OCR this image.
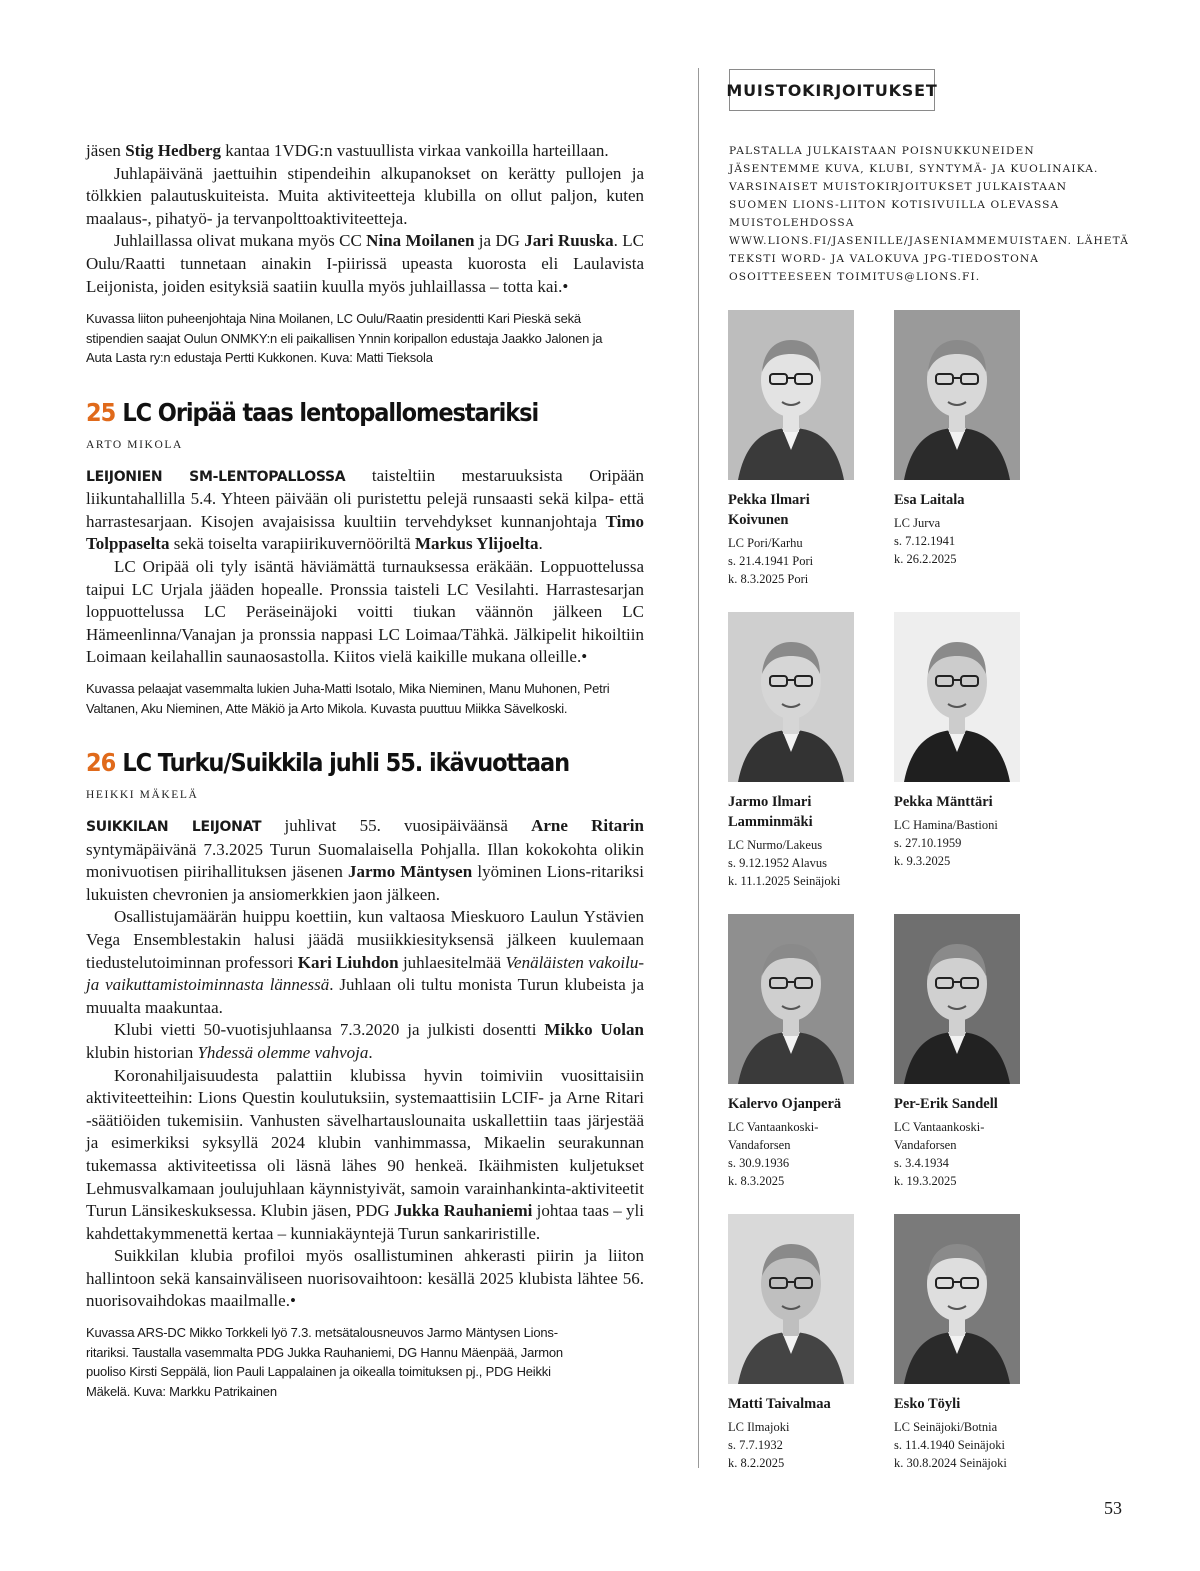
jäsen Stig Hedberg kantaa 1VDG:n vastuullista virkaa vankoilla harteillaan.

Juhlapäivänä jaettuihin stipendeihin alkupanokset on kerätty pullojen ja tölkkien palautuskuiteista. Muita aktiviteetteja klubilla on ollut paljon, kuten maalaus-, pihatyö- ja tervanpolttoaktiviteetteja.

Juhlaillassa olivat mukana myös CC Nina Moilanen ja DG Jari Ruuska. LC Oulu/Raatti tunnetaan ainakin I-piirissä upeasta kuorosta eli Laulavista Leijonista, joiden esityksiä saatiin kuulla myös juhlaillassa – totta kai.•

Kuvassa liiton puheenjohtaja Nina Moilanen, LC Oulu/Raatin presidentti Kari Pieskä sekä stipendien saajat Oulun ONMKY:n eli paikallisen Ynnin koripallon edustaja Jaakko Jalonen ja Auta Lasta ry:n edustaja Pertti Kukkonen. Kuva: Matti Tieksola

25 LC Oripää taas lentopallomestariksi

ARTO MIKOLA

LEIJONIEN SM-LENTOPALLOSSA taisteltiin mestaruuksista Oripään liikuntahallilla 5.4. Yhteen päivään oli puristettu pelejä runsaasti sekä kilpa- että harrastesarjaan. Kisojen avajaisissa kuultiin tervehdykset kunnanjohtaja Timo Tolppaselta sekä toiselta varapiirikuvernööriltä Markus Ylijoelta.

LC Oripää oli tyly isäntä häviämättä turnauksessa eräkään. Loppuottelussa taipui LC Urjala jääden hopealle. Pronssia taisteli LC Vesilahti. Harrastesarjan loppuottelussa LC Peräseinäjoki voitti tiukan väännön jälkeen LC Hämeenlinna/Vanajan ja pronssia nappasi LC Loimaa/Tähkä. Jälkipelit hikoiltiin Loimaan keilahallin saunaosastolla. Kiitos vielä kaikille mukana olleille.•

Kuvassa pelaajat vasemmalta lukien Juha-Matti Isotalo, Mika Nieminen, Manu Muhonen, Petri Valtanen, Aku Nieminen, Atte Mäkiö ja Arto Mikola. Kuvasta puuttuu Miikka Sävelkoski.

26 LC Turku/Suikkila juhli 55. ikävuottaan

HEIKKI MÄKELÄ

SUIKKILAN LEIJONAT juhlivat 55. vuosipäiväänsä Arne Ritarin syntymäpäivänä 7.3.2025 Turun Suomalaisella Pohjalla. Illan kokokohta olikin monivuotisen piirihallituksen jäsenen Jarmo Mäntysen lyöminen Lions-ritariksi lukuisten chevronien ja ansiomerkkien jaon jälkeen.

Osallistujamäärän huippu koettiin, kun valtaosa Mieskuoro Laulun Ystävien Vega Ensemblestakin halusi jäädä musiikkiesityksensä jälkeen kuulemaan tiedustelutoiminnan professori Kari Liuhdon juhlaesitelmää Venäläisten vakoilu- ja vaikuttamistoiminnasta lännessä. Juhlaan oli tultu monista Turun klubeista ja muualta maakuntaa.

Klubi vietti 50-vuotisjuhlaansa 7.3.2020 ja julkisti dosentti Mikko Uolan klubin historian Yhdessä olemme vahvoja.

Koronahiljaisuudesta palattiin klubissa hyvin toimiviin vuosittaisiin aktiviteetteihin: Lions Questin koulutuksiin, systemaattisiin LCIF- ja Arne Ritari -säätiöiden tukemisiin. Vanhusten sävelhartauslounaita uskallettiin taas järjestää ja esimerkiksi syksyllä 2024 klubin vanhimmassa, Mikaelin seurakunnan tukemassa aktiviteetissa oli läsnä lähes 90 henkeä. Ikäihmisten kuljetukset Lehmusvalkamaan joulujuhlaan käynnistyivät, samoin varainhankinta-aktiviteetit Turun Länsikeskuksessa. Klubin jäsen, PDG Jukka Rauhaniemi johtaa taas – yli kahdettakymmenettä kertaa – kunniakäyntejä Turun sankariristille.

Suikkilan klubia profiloi myös osallistuminen ahkerasti piirin ja liiton hallintoon sekä kansainväliseen nuorisovaihtoon: kesällä 2025 klubista lähtee 56. nuorisovaihdokas maailmalle.•

Kuvassa ARS-DC Mikko Torkkeli lyö 7.3. metsätalousneuvos Jarmo Mäntysen Lions-ritariksi. Taustalla vasemmalta PDG Jukka Rauhaniemi, DG Hannu Mäenpää, Jarmon puoliso Kirsti Seppälä, lion Pauli Lappalainen ja oikealla toimituksen pj., PDG Heikki Mäkelä. Kuva: Markku Patrikainen

MUISTOKIRJOITUKSET

PALSTALLA JULKAISTAAN POISNUKKUNEIDEN JÄSENTEMME KUVA, KLUBI, SYNTYMÄ- JA KUOLINAIKA. VARSINAISET MUISTOKIRJOITUKSET JULKAISTAAN SUOMEN LIONS-LIITON KOTISIVUILLA OLEVASSA MUISTOLEHDOSSA WWW.LIONS.FI/JASENILLE/JASENIAMMEMUISTAEN. LÄHETÄ TEKSTI WORD- JA VALOKUVA JPG-TIEDOSTONA OSOITTEESEEN TOIMITUS@LIONS.FI.

Pekka Ilmari Koivunen

LC Pori/Karhu

s. 21.4.1941 Pori

k. 8.3.2025 Pori

Esa Laitala

LC Jurva

s. 7.12.1941

k. 26.2.2025

Jarmo Ilmari Lamminmäki

LC Nurmo/Lakeus

s. 9.12.1952 Alavus

k. 11.1.2025 Seinäjoki

Pekka Mänttäri

LC Hamina/Bastioni

s. 27.10.1959

k. 9.3.2025

Kalervo Ojanperä

LC Vantaankoski-Vandaforsen

s. 30.9.1936

k. 8.3.2025

Per-Erik Sandell

LC Vantaankoski-Vandaforsen

s. 3.4.1934

k. 19.3.2025

Matti Taivalmaa

LC Ilmajoki

s. 7.7.1932

k. 8.2.2025

Esko Töyli

LC Seinäjoki/Botnia

s. 11.4.1940 Seinäjoki

k. 30.8.2024 Seinäjoki

53
